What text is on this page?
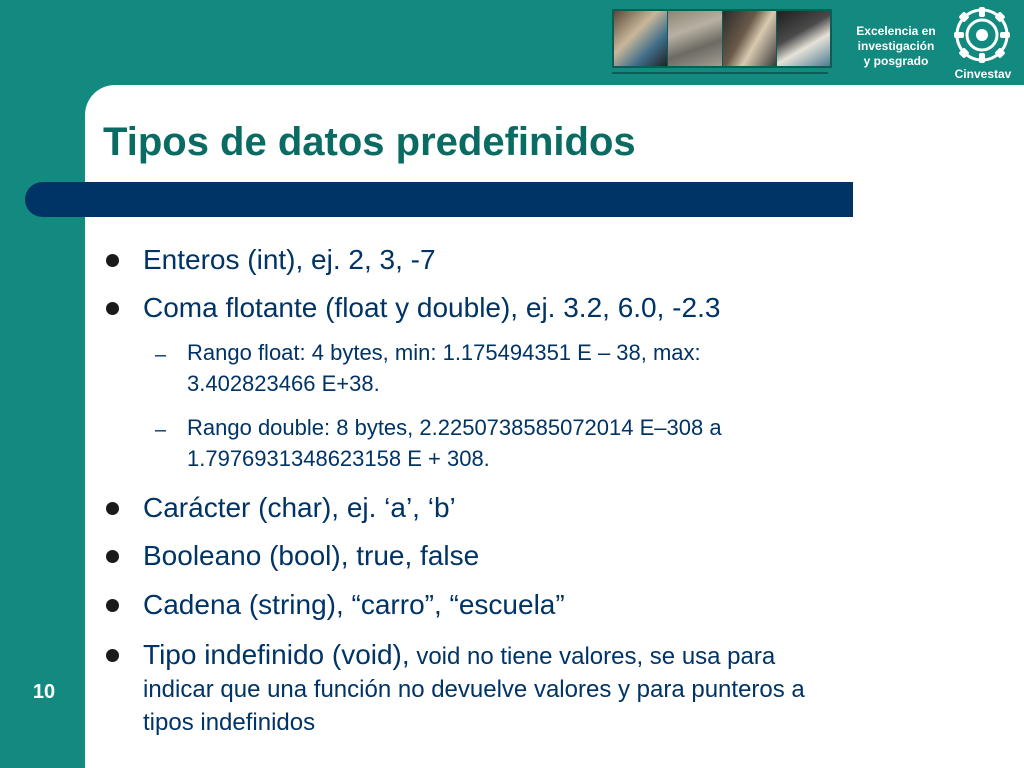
Excelencia en
investigación
y posgrado
Cinvestav
Tipos de datos predefinidos
Enteros (int), ej. 2, 3, -7
Coma flotante (float y double), ej. 3.2, 6.0, -2.3
– Rango float: 4 bytes, min: 1.175494351 E – 38, max:
3.402823466 E+38.
– Rango double: 8 bytes, 2.2250738585072014 E–308 a
1.7976931348623158 E + 308.
Carácter (char), ej. ‘a’, ‘b’
Booleano (bool), true, false
Cadena (string), “carro”, “escuela”
Tipo indefinido (void), void no tiene valores, se usa para
indicar que una función no devuelve valores y para punteros a
tipos indefinidos
10
